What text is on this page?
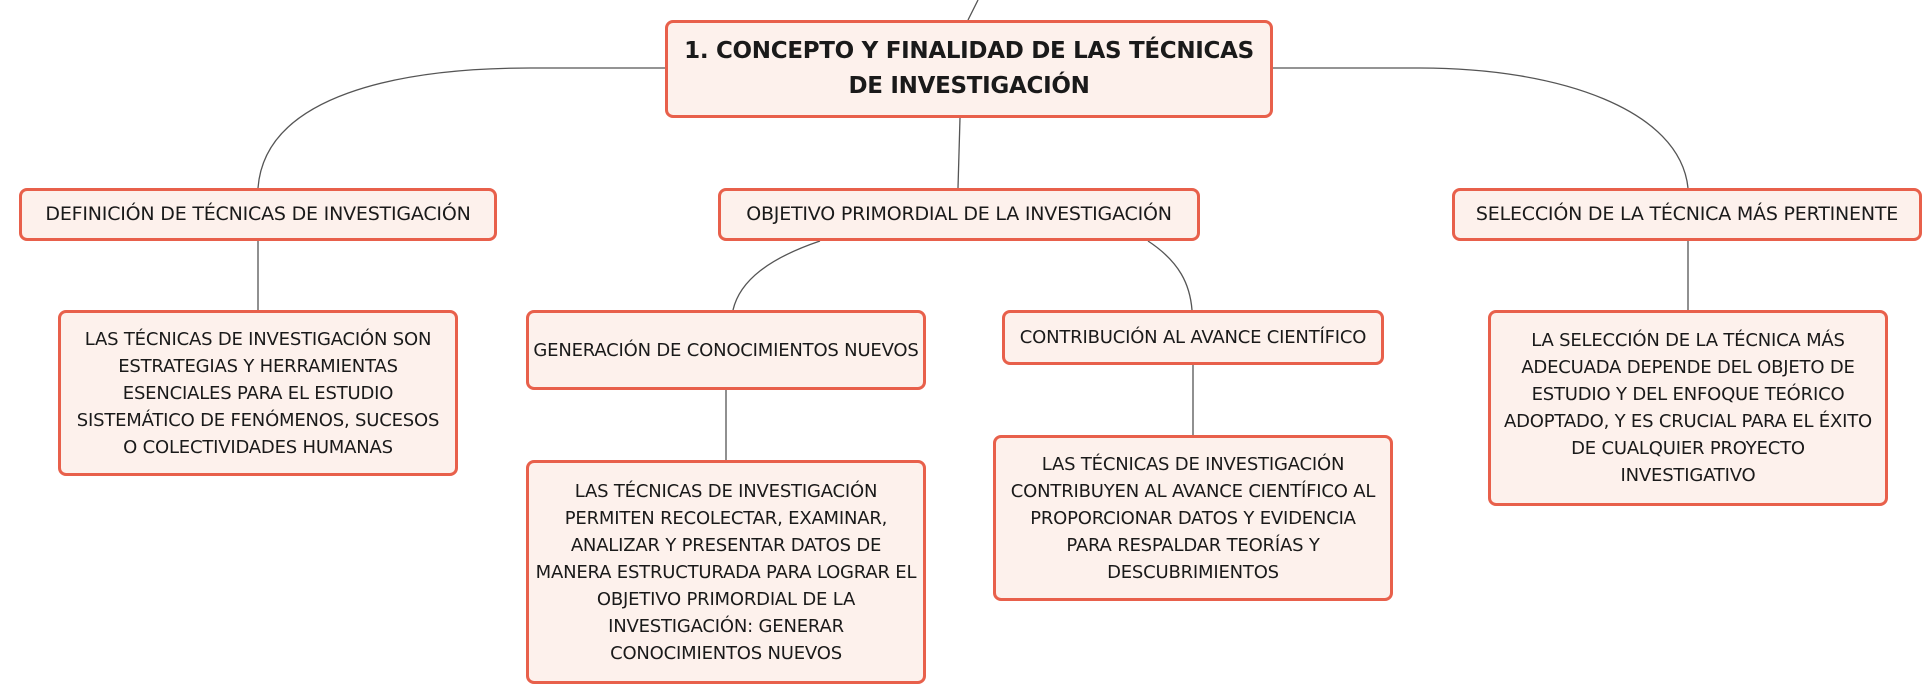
1. CONCEPTO Y FINALIDAD DE LAS TÉCNICAS DE INVESTIGACIÓN
DEFINICIÓN DE TÉCNICAS DE INVESTIGACIÓN
LAS TÉCNICAS DE INVESTIGACIÓN SON ESTRATEGIAS Y HERRAMIENTAS ESENCIALES PARA EL ESTUDIO SISTEMÁTICO DE FENÓMENOS, SUCESOS O COLECTIVIDADES HUMANAS
OBJETIVO PRIMORDIAL DE LA INVESTIGACIÓN
GENERACIÓN DE CONOCIMIENTOS NUEVOS
LAS TÉCNICAS DE INVESTIGACIÓN PERMITEN RECOLECTAR, EXAMINAR, ANALIZAR Y PRESENTAR DATOS DE MANERA ESTRUCTURADA PARA LOGRAR EL OBJETIVO PRIMORDIAL DE LA INVESTIGACIÓN: GENERAR CONOCIMIENTOS NUEVOS
CONTRIBUCIÓN AL AVANCE CIENTÍFICO
LAS TÉCNICAS DE INVESTIGACIÓN CONTRIBUYEN AL AVANCE CIENTÍFICO AL PROPORCIONAR DATOS Y EVIDENCIA PARA RESPALDAR TEORÍAS Y DESCUBRIMIENTOS
SELECCIÓN DE LA TÉCNICA MÁS PERTINENTE
LA SELECCIÓN DE LA TÉCNICA MÁS ADECUADA DEPENDE DEL OBJETO DE ESTUDIO Y DEL ENFOQUE TEÓRICO ADOPTADO, Y ES CRUCIAL PARA EL ÉXITO DE CUALQUIER PROYECTO INVESTIGATIVO
